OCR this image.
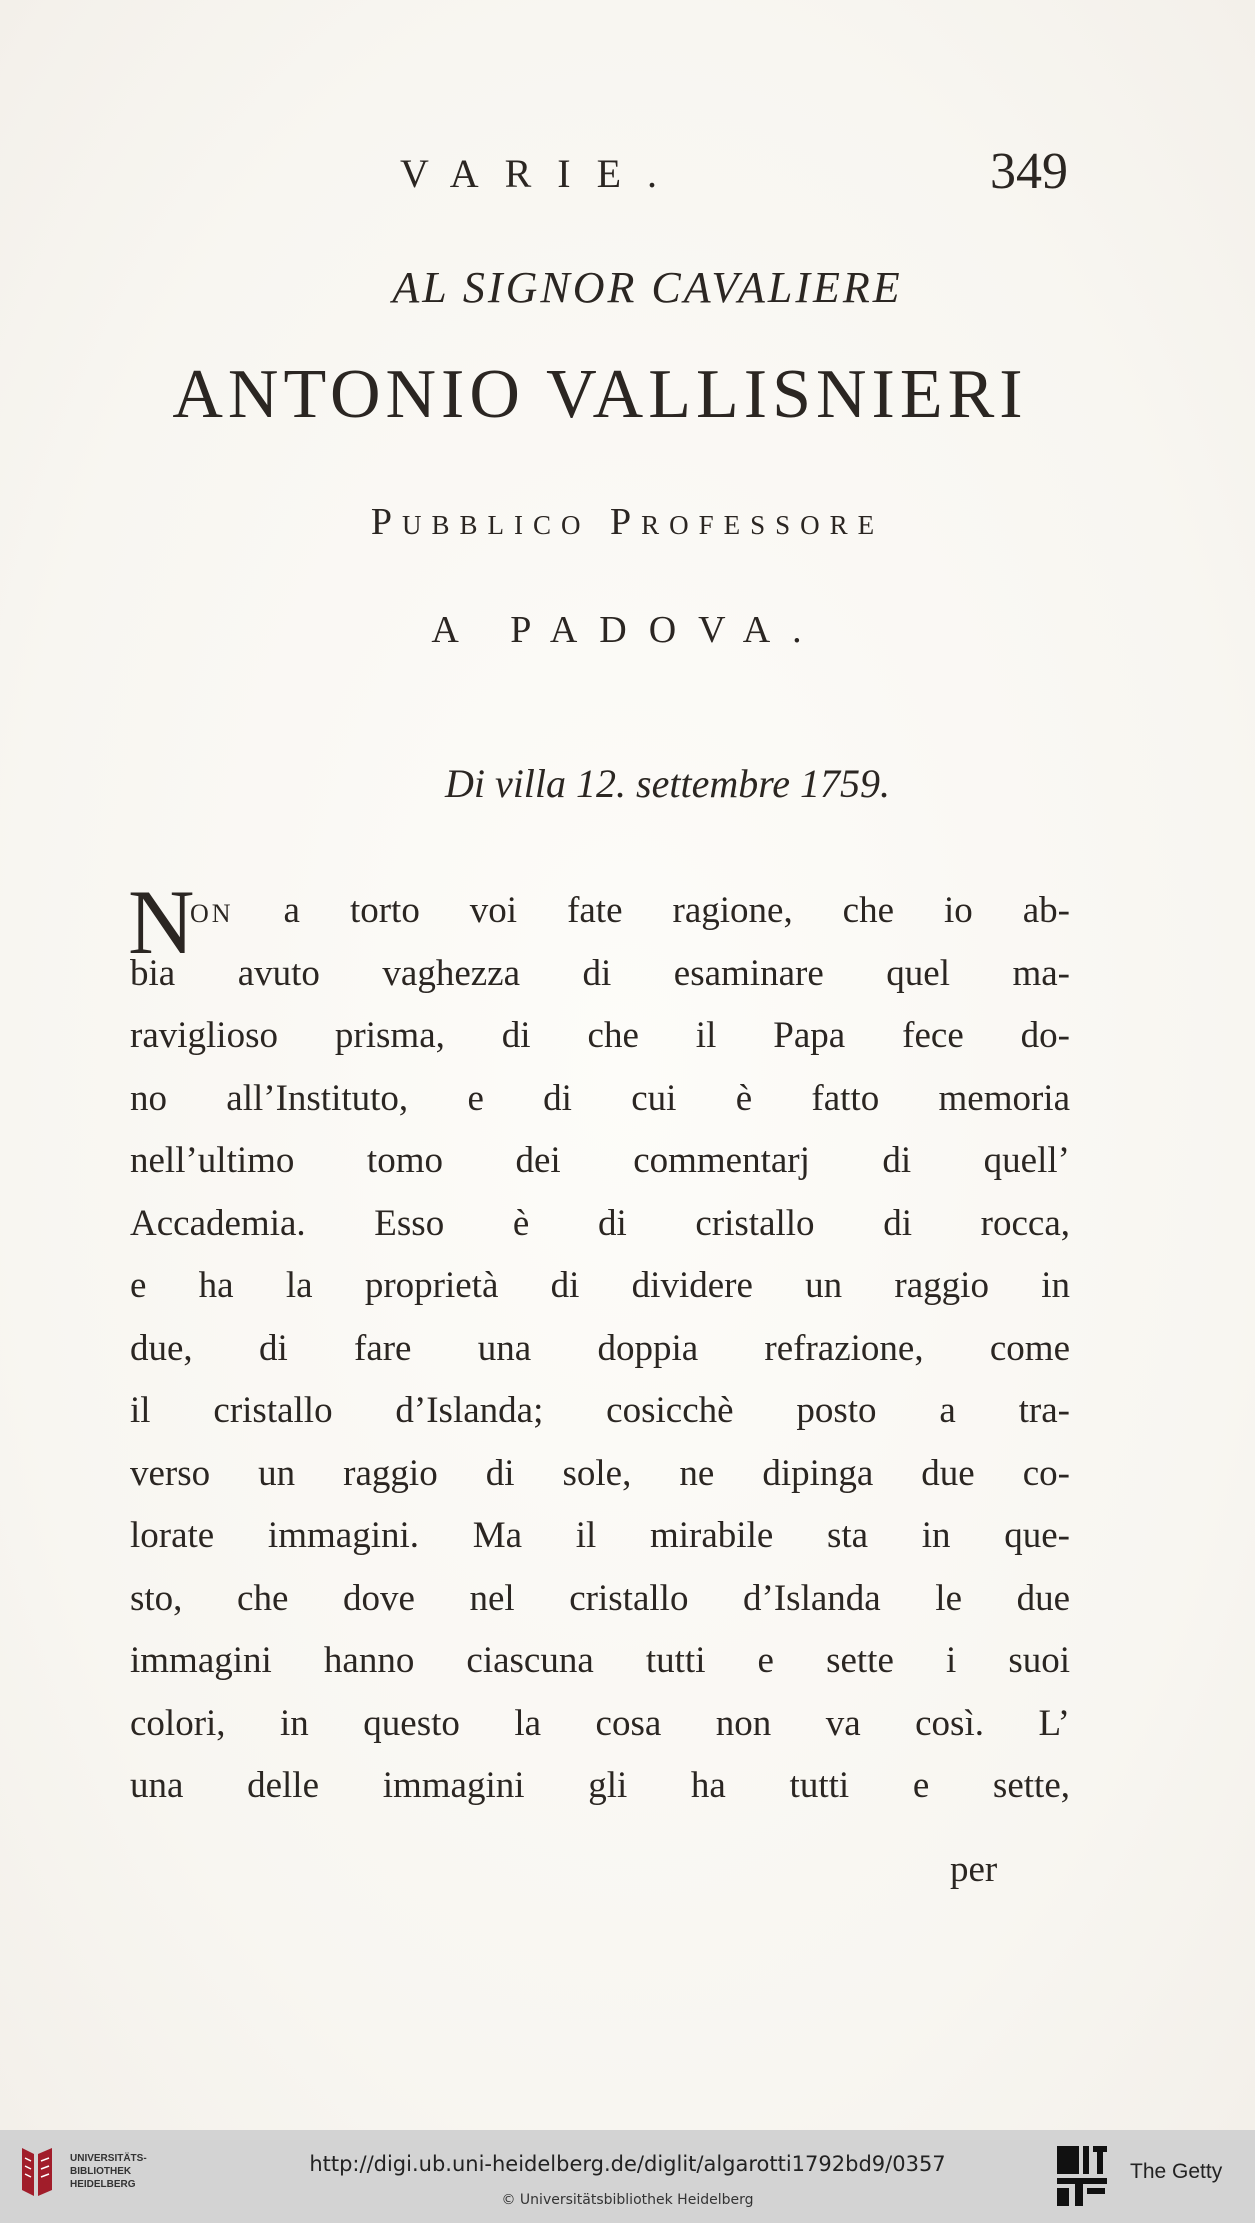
VARIE.	349
AL SIGNOR CAVALIERE
ANTONIO VALLISNIERI
Pubblico Professore
A PADOVA.
Di villa 12. settembre 1759.
N
on a torto voi fate ragione, che io ab-
bia avuto vaghezza di esaminare quel ma-
raviglioso prisma, di che il Papa fece do-
no all’Instituto, e di cui è fatto memoria
nell’ultimo tomo dei commentarj di quell’
Accademia. Esso è di cristallo di rocca,
e ha la proprietà di dividere un raggio in
due, di fare una doppia refrazione, come
il cristallo d’Islanda; cosicchè posto a tra-
verso un raggio di sole, ne dipinga due co-
lorate immagini. Ma il mirabile sta in que-
sto, che dove nel cristallo d’Islanda le due
immagini hanno ciascuna tutti e sette i suoi
colori, in questo la cosa non va così. L’
una delle immagini gli ha tutti e sette,
per
UNIVERSITÄTS-
BIBLIOTHEK
HEIDELBERG
http://digi.ub.uni-heidelberg.de/diglit/algarotti1792bd9/0357
© Universitätsbibliothek Heidelberg
The Getty
